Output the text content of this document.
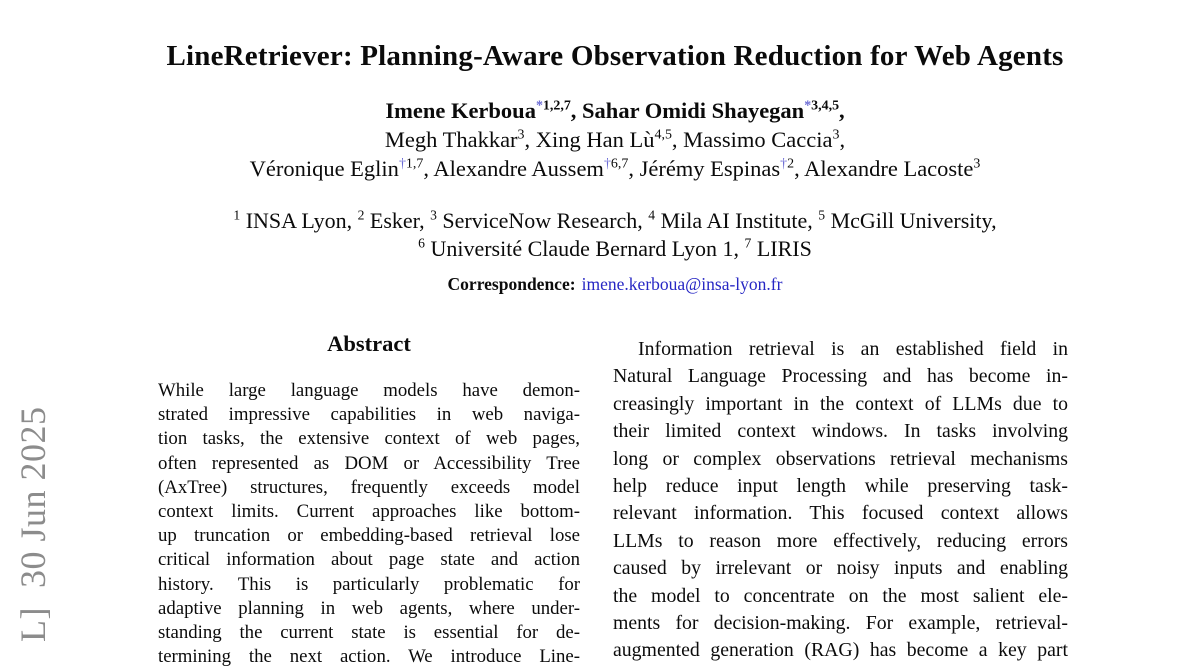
L]  30 Jun 2025
LineRetriever: Planning-Aware Observation Reduction for Web Agents
Imene Kerboua$^{*1,2,7}$, Sahar Omidi Shayegan$^{*3,4,5}$,
Megh Thakkar$^3$, Xing Han Lù$^{4,5}$, Massimo Caccia$^3$,
Véronique Eglin$^{\dagger 1,7}$, Alexandre Aussem$^{\dagger 6,7}$, Jérémy Espinas$^{\dagger 2}$, Alexandre Lacoste$^3$
$^1$ INSA Lyon, $^2$ Esker, $^3$ ServiceNow Research, $^4$ Mila AI Institute, $^5$ McGill University,
$^6$ Université Claude Bernard Lyon 1, $^7$ LIRIS
Correspondence: imene.kerboua@insa-lyon.fr
Abstract
While large language models have demon-
strated impressive capabilities in web naviga-
tion tasks, the extensive context of web pages,
often represented as DOM or Accessibility Tree
(AxTree) structures, frequently exceeds model
context limits. Current approaches like bottom-
up truncation or embedding-based retrieval lose
critical information about page state and action
history. This is particularly problematic for
adaptive planning in web agents, where under-
standing the current state is essential for de-
termining the next action. We introduce Line-
Information retrieval is an established field in
Natural Language Processing and has become in-
creasingly important in the context of LLMs due to
their limited context windows. In tasks involving
long or complex observations retrieval mechanisms
help reduce input length while preserving task-
relevant information. This focused context allows
LLMs to reason more effectively, reducing errors
caused by irrelevant or noisy inputs and enabling
the model to concentrate on the most salient ele-
ments for decision-making. For example, retrieval-
augmented generation (RAG) has become a key part
